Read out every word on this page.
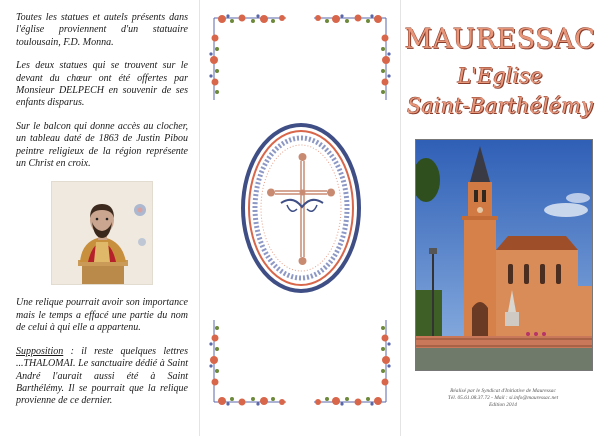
Toutes les statues et autels présents dans l'église proviennent d'un statuaire toulousain, F.D. Monna.

Les deux statues qui se trouvent sur le devant du chœur ont été offertes par Monsieur DELPECH en souvenir de ses enfants disparus.

Sur le balcon qui donne accès au clocher, un tableau daté de 1863 de Justin Pibou peintre religieux de la région représente un Christ en croix.

Une relique pourrait avoir son importance mais le temps a effacé une partie du nom de celui à qui elle a appartenu.

Supposition : il reste quelques lettres ...THALOMAI. Le sanctuaire dédié à Saint André l'aurait aussi été à Saint Barthélémy. Il se pourrait que la relique provienne de ce dernier.

MAURESSAC
L'Eglise
Saint-Barthélémy
Réalisé par le Syndicat d'Initiative de Mauressac
Tél. 05.61.08.37.72 - Mail : si.info@mauressac.net
Edition 2014
